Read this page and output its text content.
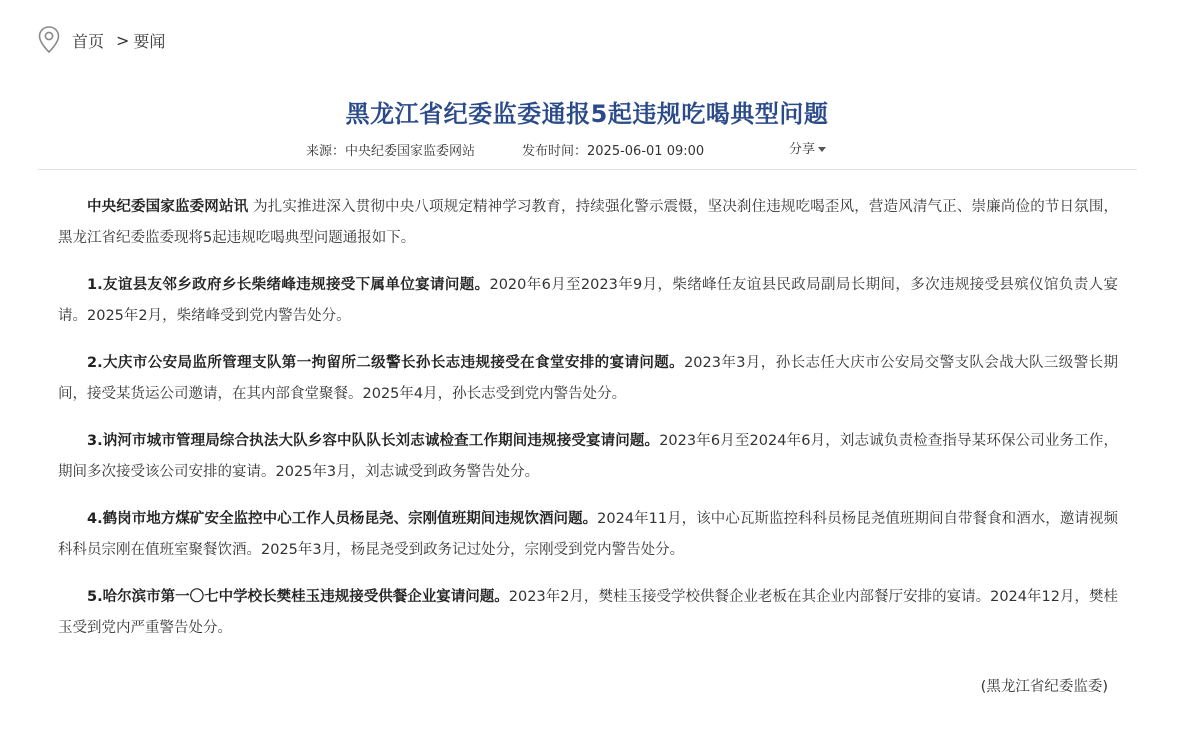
首页 > 要闻
黑龙江省纪委监委通报5起违规吃喝典型问题
来源：中央纪委国家监委网站	发布时间：2025-06-01 09:00	分享

中央纪委国家监委网站讯 为扎实推进深入贯彻中央八项规定精神学习教育，持续强化警示震慑，坚决刹住违规吃喝歪风，营造风清气正、崇廉尚俭的节日氛围，黑龙江省纪委监委现将5起违规吃喝典型问题通报如下。

1.友谊县友邻乡政府乡长柴绪峰违规接受下属单位宴请问题。2020年6月至2023年9月，柴绪峰任友谊县民政局副局长期间，多次违规接受县殡仪馆负责人宴请。2025年2月，柴绪峰受到党内警告处分。

2.大庆市公安局监所管理支队第一拘留所二级警长孙长志违规接受在食堂安排的宴请问题。2023年3月，孙长志任大庆市公安局交警支队会战大队三级警长期间，接受某货运公司邀请，在其内部食堂聚餐。2025年4月，孙长志受到党内警告处分。

3.讷河市城市管理局综合执法大队乡容中队队长刘志诚检查工作期间违规接受宴请问题。2023年6月至2024年6月，刘志诚负责检查指导某环保公司业务工作，期间多次接受该公司安排的宴请。2025年3月，刘志诚受到政务警告处分。

4.鹤岗市地方煤矿安全监控中心工作人员杨昆尧、宗刚值班期间违规饮酒问题。2024年11月，该中心瓦斯监控科科员杨昆尧值班期间自带餐食和酒水，邀请视频科科员宗刚在值班室聚餐饮酒。2025年3月，杨昆尧受到政务记过处分，宗刚受到党内警告处分。

5.哈尔滨市第一〇七中学校长樊桂玉违规接受供餐企业宴请问题。2023年2月，樊桂玉接受学校供餐企业老板在其企业内部餐厅安排的宴请。2024年12月，樊桂玉受到党内严重警告处分。

(黑龙江省纪委监委)
